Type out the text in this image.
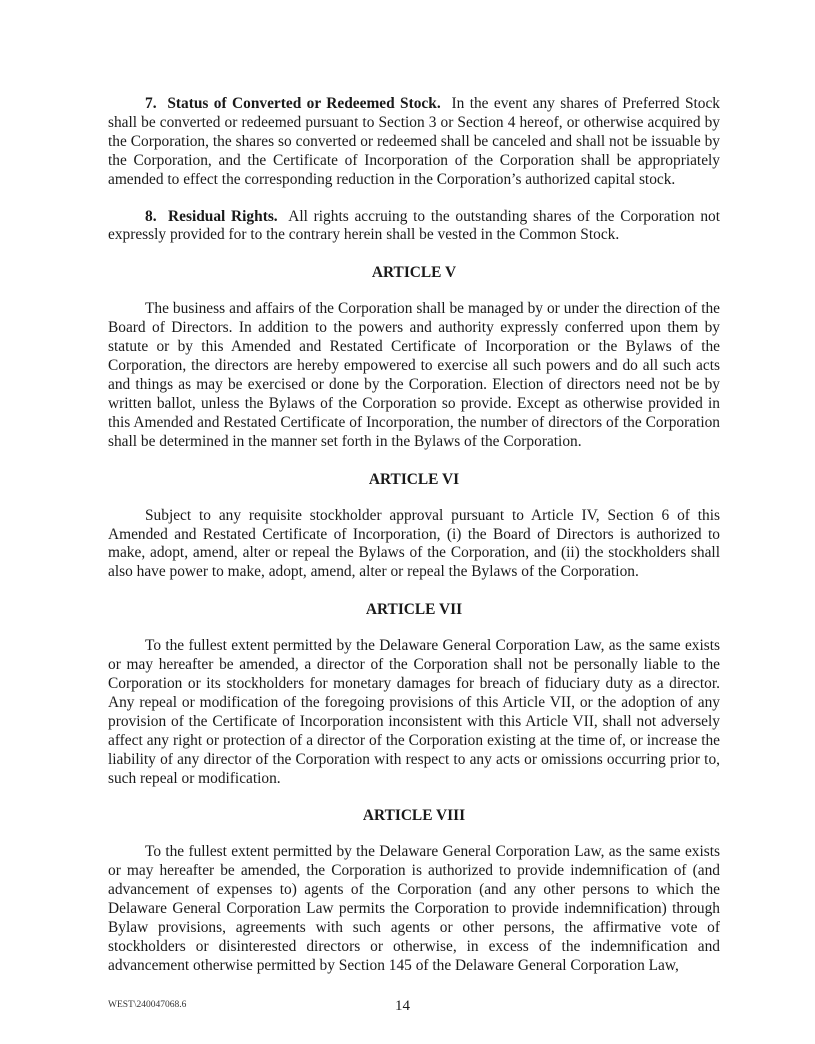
7. Status of Converted or Redeemed Stock. In the event any shares of Preferred Stock shall be converted or redeemed pursuant to Section 3 or Section 4 hereof, or otherwise acquired by the Corporation, the shares so converted or redeemed shall be canceled and shall not be issuable by the Corporation, and the Certificate of Incorporation of the Corporation shall be appropriately amended to effect the corresponding reduction in the Corporation’s authorized capital stock.

8. Residual Rights. All rights accruing to the outstanding shares of the Corporation not expressly provided for to the contrary herein shall be vested in the Common Stock.

ARTICLE V

The business and affairs of the Corporation shall be managed by or under the direction of the Board of Directors. In addition to the powers and authority expressly conferred upon them by statute or by this Amended and Restated Certificate of Incorporation or the Bylaws of the Corporation, the directors are hereby empowered to exercise all such powers and do all such acts and things as may be exercised or done by the Corporation. Election of directors need not be by written ballot, unless the Bylaws of the Corporation so provide. Except as otherwise provided in this Amended and Restated Certificate of Incorporation, the number of directors of the Corporation shall be determined in the manner set forth in the Bylaws of the Corporation.

ARTICLE VI

Subject to any requisite stockholder approval pursuant to Article IV, Section 6 of this Amended and Restated Certificate of Incorporation, (i) the Board of Directors is authorized to make, adopt, amend, alter or repeal the Bylaws of the Corporation, and (ii) the stockholders shall also have power to make, adopt, amend, alter or repeal the Bylaws of the Corporation.

ARTICLE VII

To the fullest extent permitted by the Delaware General Corporation Law, as the same exists or may hereafter be amended, a director of the Corporation shall not be personally liable to the Corporation or its stockholders for monetary damages for breach of fiduciary duty as a director. Any repeal or modification of the foregoing provisions of this Article VII, or the adoption of any provision of the Certificate of Incorporation inconsistent with this Article VII, shall not adversely affect any right or protection of a director of the Corporation existing at the time of, or increase the liability of any director of the Corporation with respect to any acts or omissions occurring prior to, such repeal or modification.

ARTICLE VIII

To the fullest extent permitted by the Delaware General Corporation Law, as the same exists or may hereafter be amended, the Corporation is authorized to provide indemnification of (and advancement of expenses to) agents of the Corporation (and any other persons to which the Delaware General Corporation Law permits the Corporation to provide indemnification) through Bylaw provisions, agreements with such agents or other persons, the affirmative vote of stockholders or disinterested directors or otherwise, in excess of the indemnification and advancement otherwise permitted by Section 145 of the Delaware General Corporation Law,

WEST\240047068.6	14
